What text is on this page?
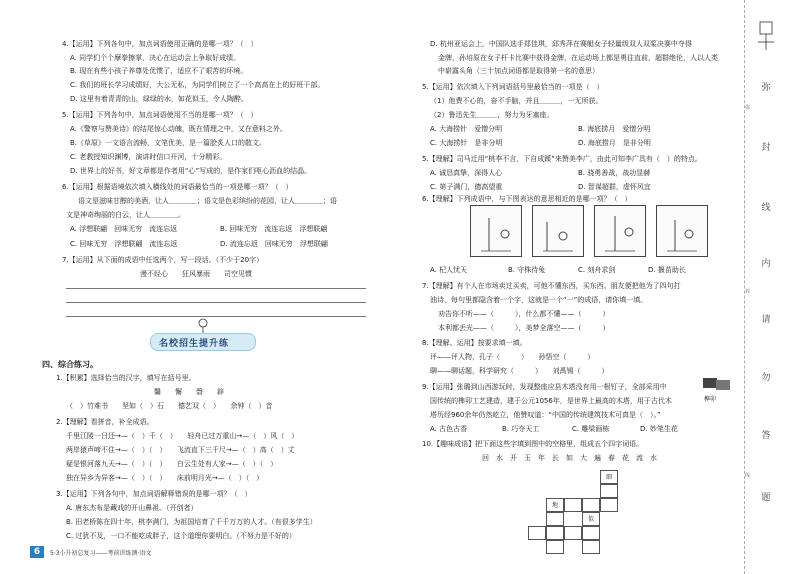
4.【运用】下列各句中，加点词语使用正确的是哪一项？（　）
A. 同学们个个摩拳擦掌，决心在运动会上争取好成绩。
B. 现在有些小孩子养尊处优惯了，适应不了艰苦的环境。
C. 我们的班长学习成绩好，大公无私，为同学们树立了一个高高在上的好班干部。
D. 这里有着青青的山，绿绿的水，如花似玉，令人陶醉。
5.【运用】下列各句中，加点词语使用不当的是哪一项？（　）
A.《警察与赞美诗》的结尾惊心动魄，既在情理之中，又在意料之外。
B.《草原》一文语言流畅，文笔优美，是一篇脍炙人口的散文。
C. 老教授知识渊博，演讲时信口开河，十分精彩。
D. 世界上的好书，好文章都是作者用“心”写成的，是作家们呕心沥血的结晶。
6.【运用】根据语境依次填入横线处的词语最恰当的一项是哪一项？（　）
语文是滋味甘醇的美酒，让人＿＿＿＿；语文是色彩缤纷的花园，让人＿＿＿＿；语
文是神奇绚丽的白云，让人＿＿＿＿。
A. 浮想联翩　回味无穷　流连忘返	B. 回味无穷　流连忘返　浮想联翩
C. 回味无穷　浮想联翩　流连忘返	D. 流连忘返　回味无穷　浮想联翩
7.【运用】从下面的成语中任选两个，写一段话。（不少于20字）
漫不经心　　狂风暴雨　　司空见惯
名校招生提升练
四、综合练习。
1.【积累】选择恰当的汉字，填写在括号里。
馨　　懈　　磬　　辟
（　）竹难书　　坚如（　）石　　德艺双（　）　　余钟（　）音
2.【理解】看拼音，补全成语。
千里江陵一日还→—（　）千（　）　　轻舟已过万重山→—（　）风（　）
两岸猿声啼不住→—（　）（　）　　飞流直下三千尺→—（　）高（　）丈
疑是银河落九天→—（　）（　）　　白云生处有人家→—（　）（　）
独在异乡为异客→—（　）（　）　　床前明月光→—（　）（　）
3.【运用】下列各句中，加点词语解释错误的是哪一项？（　）
A. 唐东杰布是藏戏的开山鼻祖。（开创者）
B. 田老桥陈在四十年，桃李满门，为祖国培育了千千万万的人才。（有很多学生）
C. 过犹不及，一口不能吃成胖子，这个道理你要明白。（不努力是不好的）
6	5·3小升初总复习——考前讲练测·语文
D. 杭州亚运会上，中国队选手郑佳琪，邱秀萍在赛艇女子轻量级双人双桨决赛中夺得
金牌，孙培原在女子杆卡比赛中获得金牌，在运动场上都是勇往直前，超群绝伦，人以人类
中崭露头角（三十加点词语都是取得第一名的意思）
5.【运用】依次填入下列词语括号里最恰当的一项是（　）
（1）他费不心的，奋不手脑，并且＿＿＿，一无所获。
（2）鲁迅先生＿＿＿，努力为牙塞座。
A. 大海捞针　爱憎分明	B. 海底捞月　爱憎分明
C. 大海捞针　是非分明	D. 海底捞月　是非分明
5.【理解】司马迁用“桃李不言，下自成蹊”来赞美李广，由此可知李广具有（　）的特点。
A. 诚恳真挚，深得人心	B. 骁勇善战，战功显赫
C. 第子满门，德高望重	D. 智谋超群，虚怀风宜
6.【理解】下列成语中，与下图表达的意思相近的是哪一项？（　）
A. 杞人忧天	B. 守株待兔	C. 刻舟求剑	D. 揠苗助长
7.【理解】有个人在市场卖过买卖，可他不懂东西，买东西。朋友便把他为了四句打
油诗，每句里都隐含着一个字，这就是一个“一”的成语，请你填一填。
劝告你不听——（　　　），什么都不懂——（　　　）
本利都丢光——（　　　），美梦全落空——（　　　）
8.【理解、运用】按要求填一填。
评——评人物，孔子（　　　）　　孙悟空（　　　）
聊——聊话题，科学研究（　　　）　　刘禹锡（　　　）
9.【运用】张璐到山西游玩时，发现整座应县木塔没有用一根钉子，全部采用中
国传统的榫卯工艺建造，建于公元1056年，是世界上最高的木塔，用于古代木
塔历经960余年仍然屹立，他赞叹道：“中国的传统建筑技术可真是（　）。”
A. 古色古香	B. 巧夺天工	C. 雕梁画栋	D. 妙笔生花
榫卯
10.【趣味成语】把下面这些字填到图中的空格里，组成五个四字词语。
回　水　开　玉　年　长　如　大　遍　春　花　流　水
细
地
似
弥
封
线
内
请
勿
答
题
弥
封
线
